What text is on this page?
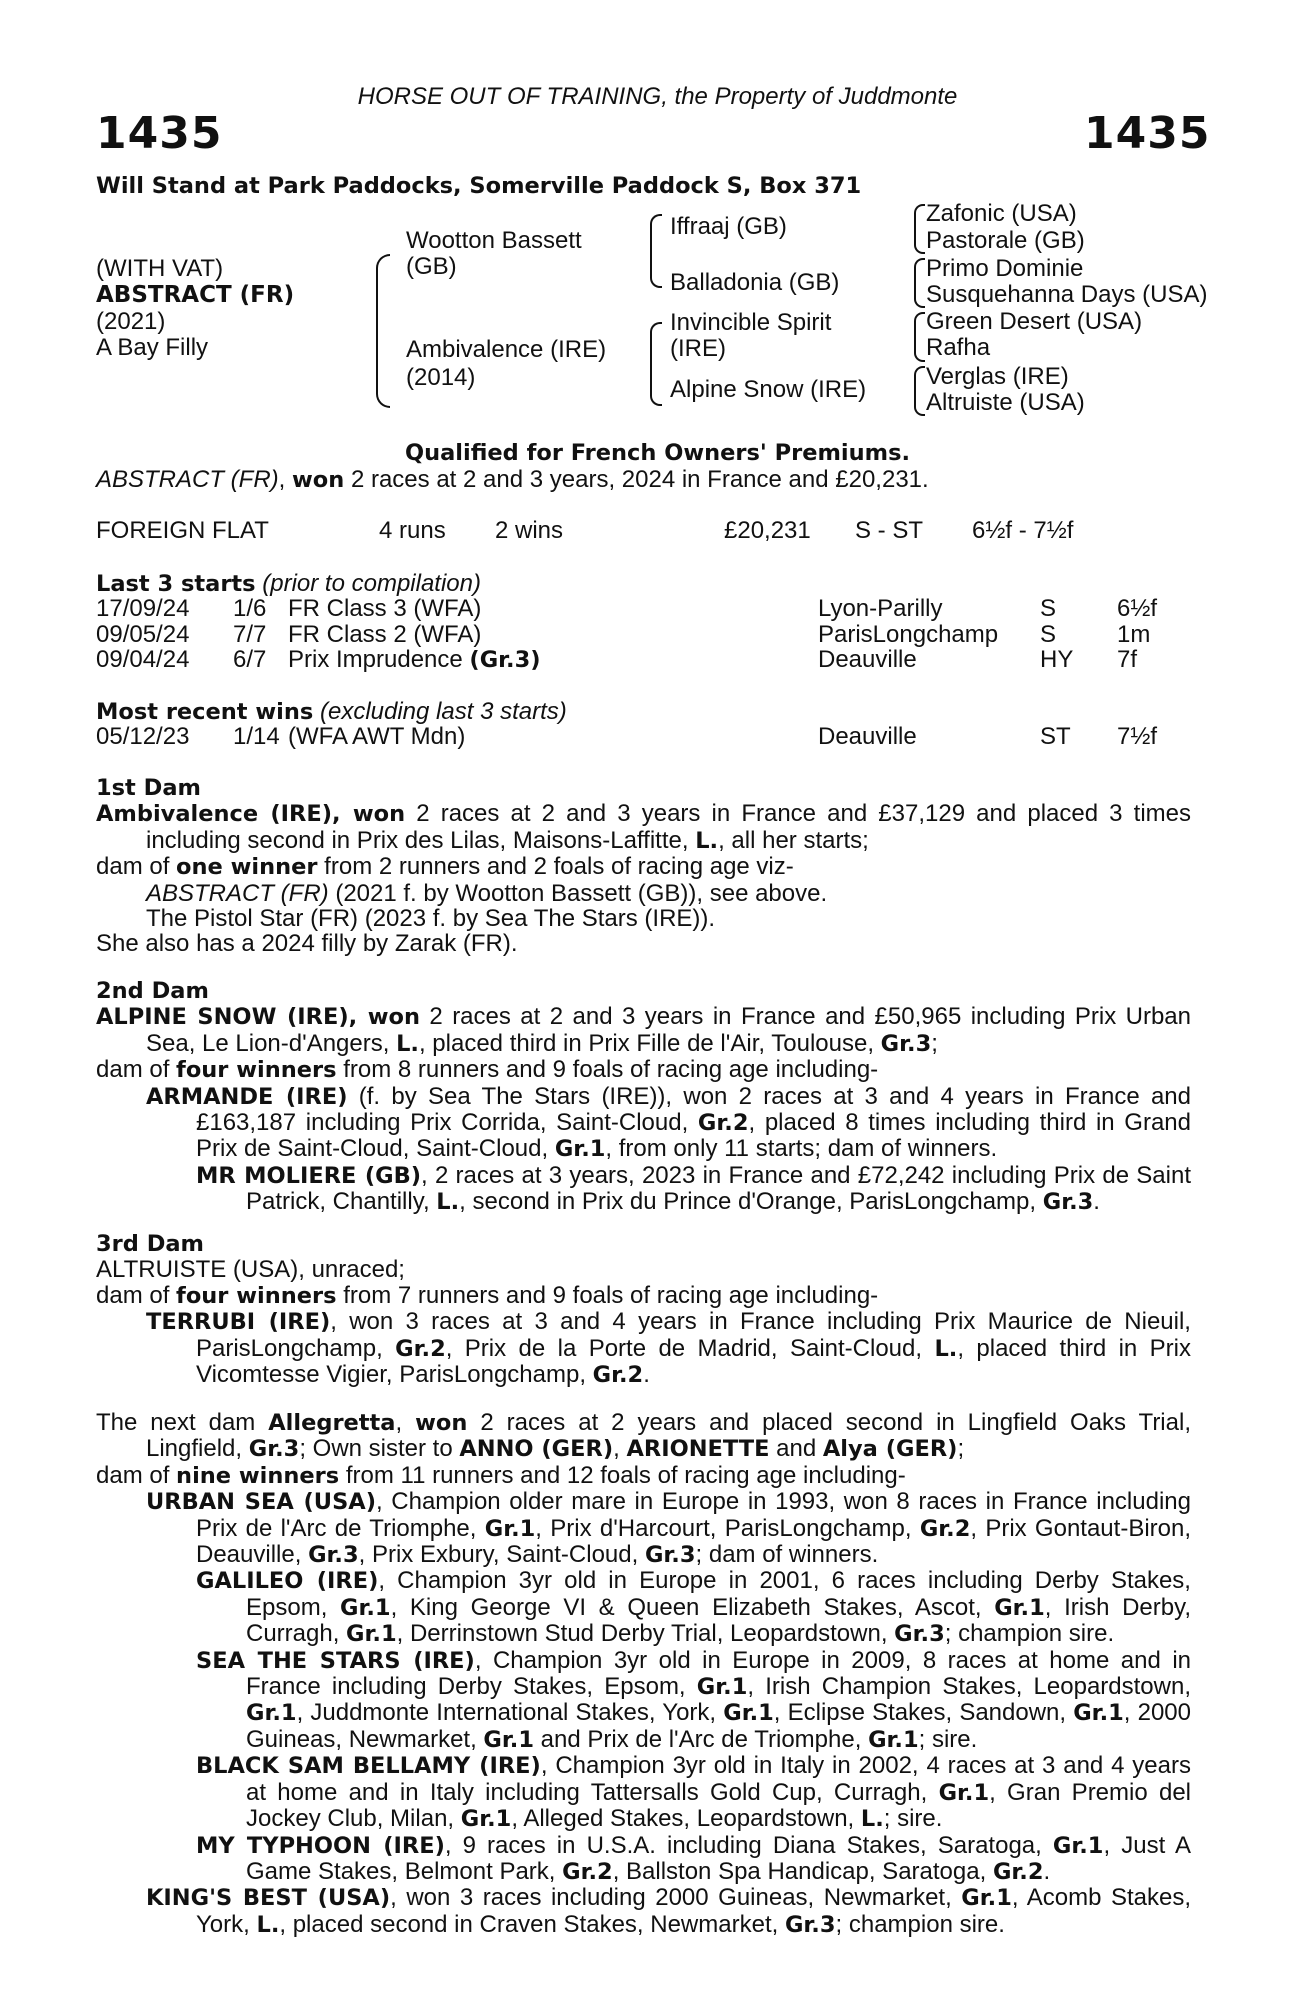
HORSE OUT OF TRAINING, the Property of Juddmonte
1435	1435
Will Stand at Park Paddocks, Somerville Paddock S, Box 371
(WITH VAT)
ABSTRACT (FR)
(2021)
A Bay Filly
Wootton Bassett (GB)
Ambivalence (IRE) (2014)
Iffraaj (GB)
Balladonia (GB)
Invincible Spirit (IRE)
Alpine Snow (IRE)
Zafonic (USA)
Pastorale (GB)
Primo Dominie
Susquehanna Days (USA)
Green Desert (USA)
Rafha
Verglas (IRE)
Altruiste (USA)
Qualified for French Owners' Premiums.
ABSTRACT (FR), won 2 races at 2 and 3 years, 2024 in France and £20,231.
FOREIGN FLAT	4 runs 2 wins	£20,231 S - ST 6½f - 7½f
Last 3 starts (prior to compilation)
17/09/24 1/6 FR Class 3 (WFA)	Lyon-Parilly	S	6½f
09/05/24 7/7 FR Class 2 (WFA)	ParisLongchamp S	1m
09/04/24 6/7 Prix Imprudence (Gr.3)	Deauville	HY 7f
Most recent wins (excluding last 3 starts)
05/12/23 1/14 (WFA AWT Mdn)	Deauville	ST 7½f

1st Dam

Ambivalence (IRE), won 2 races at 2 and 3 years in France and £37,129 and placed 3 times including second in Prix des Lilas, Maisons-Laffitte, L., all her starts;

dam of one winner from 2 runners and 2 foals of racing age viz-

ABSTRACT (FR) (2021 f. by Wootton Bassett (GB)), see above.

The Pistol Star (FR) (2023 f. by Sea The Stars (IRE)).

She also has a 2024 filly by Zarak (FR).

2nd Dam

ALPINE SNOW (IRE), won 2 races at 2 and 3 years in France and £50,965 including Prix Urban Sea, Le Lion-d'Angers, L., placed third in Prix Fille de l'Air, Toulouse, Gr.3;

dam of four winners from 8 runners and 9 foals of racing age including-

ARMANDE (IRE) (f. by Sea The Stars (IRE)), won 2 races at 3 and 4 years in France and £163,187 including Prix Corrida, Saint-Cloud, Gr.2, placed 8 times including third in Grand Prix de Saint-Cloud, Saint-Cloud, Gr.1, from only 11 starts; dam of winners.

MR MOLIERE (GB), 2 races at 3 years, 2023 in France and £72,242 including Prix de Saint Patrick, Chantilly, L., second in Prix du Prince d'Orange, ParisLongchamp, Gr.3.

3rd Dam

ALTRUISTE (USA), unraced;

dam of four winners from 7 runners and 9 foals of racing age including-

TERRUBI (IRE), won 3 races at 3 and 4 years in France including Prix Maurice de Nieuil, ParisLongchamp, Gr.2, Prix de la Porte de Madrid, Saint-Cloud, L., placed third in Prix Vicomtesse Vigier, ParisLongchamp, Gr.2.

The next dam Allegretta, won 2 races at 2 years and placed second in Lingfield Oaks Trial, Lingfield, Gr.3; Own sister to ANNO (GER), ARIONETTE and Alya (GER);

dam of nine winners from 11 runners and 12 foals of racing age including-

URBAN SEA (USA), Champion older mare in Europe in 1993, won 8 races in France including Prix de l'Arc de Triomphe, Gr.1, Prix d'Harcourt, ParisLongchamp, Gr.2, Prix Gontaut-Biron, Deauville, Gr.3, Prix Exbury, Saint-Cloud, Gr.3; dam of winners.

GALILEO (IRE), Champion 3yr old in Europe in 2001, 6 races including Derby Stakes, Epsom, Gr.1, King George VI & Queen Elizabeth Stakes, Ascot, Gr.1, Irish Derby, Curragh, Gr.1, Derrinstown Stud Derby Trial, Leopardstown, Gr.3; champion sire.

SEA THE STARS (IRE), Champion 3yr old in Europe in 2009, 8 races at home and in France including Derby Stakes, Epsom, Gr.1, Irish Champion Stakes, Leopardstown, Gr.1, Juddmonte International Stakes, York, Gr.1, Eclipse Stakes, Sandown, Gr.1, 2000 Guineas, Newmarket, Gr.1 and Prix de l'Arc de Triomphe, Gr.1; sire.

BLACK SAM BELLAMY (IRE), Champion 3yr old in Italy in 2002, 4 races at 3 and 4 years at home and in Italy including Tattersalls Gold Cup, Curragh, Gr.1, Gran Premio del Jockey Club, Milan, Gr.1, Alleged Stakes, Leopardstown, L.; sire.

MY TYPHOON (IRE), 9 races in U.S.A. including Diana Stakes, Saratoga, Gr.1, Just A Game Stakes, Belmont Park, Gr.2, Ballston Spa Handicap, Saratoga, Gr.2.

KING'S BEST (USA), won 3 races including 2000 Guineas, Newmarket, Gr.1, Acomb Stakes, York, L., placed second in Craven Stakes, Newmarket, Gr.3; champion sire.
